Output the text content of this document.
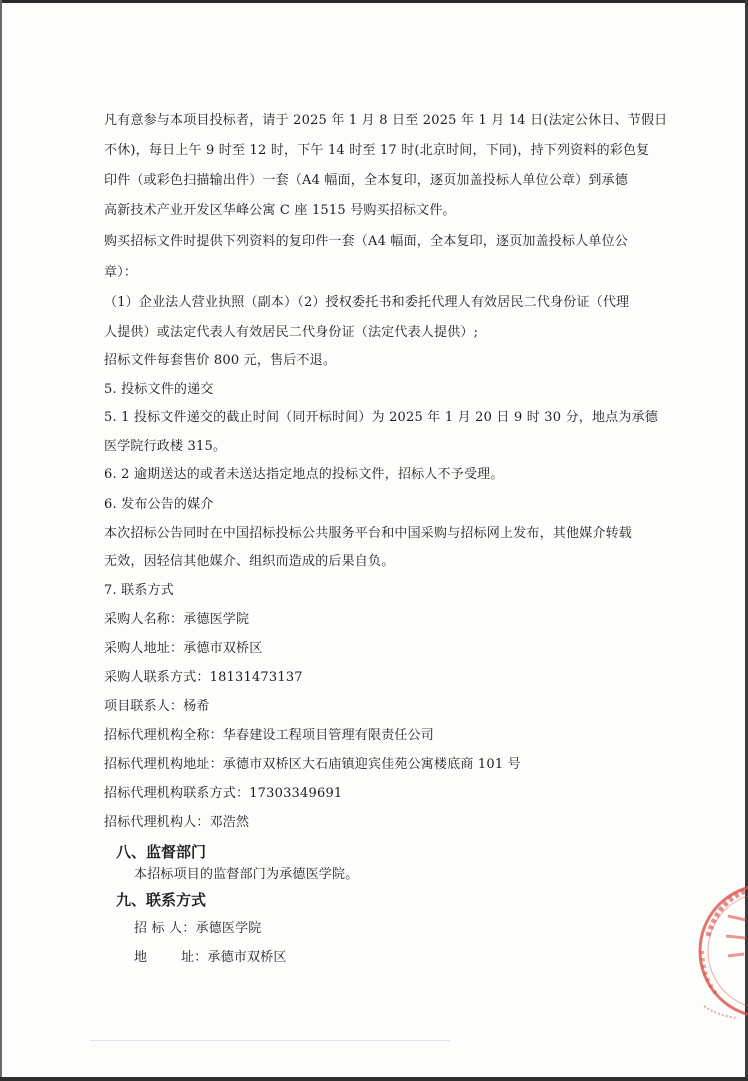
凡有意参与本项目投标者，请于 2025 年 1 月 8 日至 2025 年 1 月 14 日(法定公休日、节假日
不休)，每日上午 9 时至 12 时，下午 14 时至 17 时(北京时间，下同)，持下列资料的彩色复
印件（或彩色扫描输出件）一套（A4 幅面，全本复印，逐页加盖投标人单位公章）到承德
高新技术产业开发区华峰公寓 C 座 1515 号购买招标文件。
购买招标文件时提供下列资料的复印件一套（A4 幅面，全本复印，逐页加盖投标人单位公
章）：
（1）企业法人营业执照（副本）（2）授权委托书和委托代理人有效居民二代身份证（代理
人提供）或法定代表人有效居民二代身份证（法定代表人提供）;
招标文件每套售价 800 元，售后不退。
5. 投标文件的递交
5. 1 投标文件递交的截止时间（同开标时间）为 2025 年 1 月 20 日 9 时 30 分，地点为承德
医学院行政楼 315。
6. 2 逾期送达的或者未送达指定地点的投标文件，招标人不予受理。
6. 发布公告的媒介
本次招标公告同时在中国招标投标公共服务平台和中国采购与招标网上发布，其他媒介转载
无效，因轻信其他媒介、组织而造成的后果自负。
7. 联系方式
采购人名称：承德医学院
采购人地址：承德市双桥区
采购人联系方式：18131473137
项目联系人：杨希
招标代理机构全称：华春建设工程项目管理有限责任公司
招标代理机构地址：承德市双桥区大石庙镇迎宾佳苑公寓楼底商 101 号
招标代理机构联系方式：17303349691
招标代理机构人：邓浩然
八、监督部门
本招标项目的监督部门为承德医学院。
九、联系方式
招 标 人：承德医学院
地	址：承德市双桥区
